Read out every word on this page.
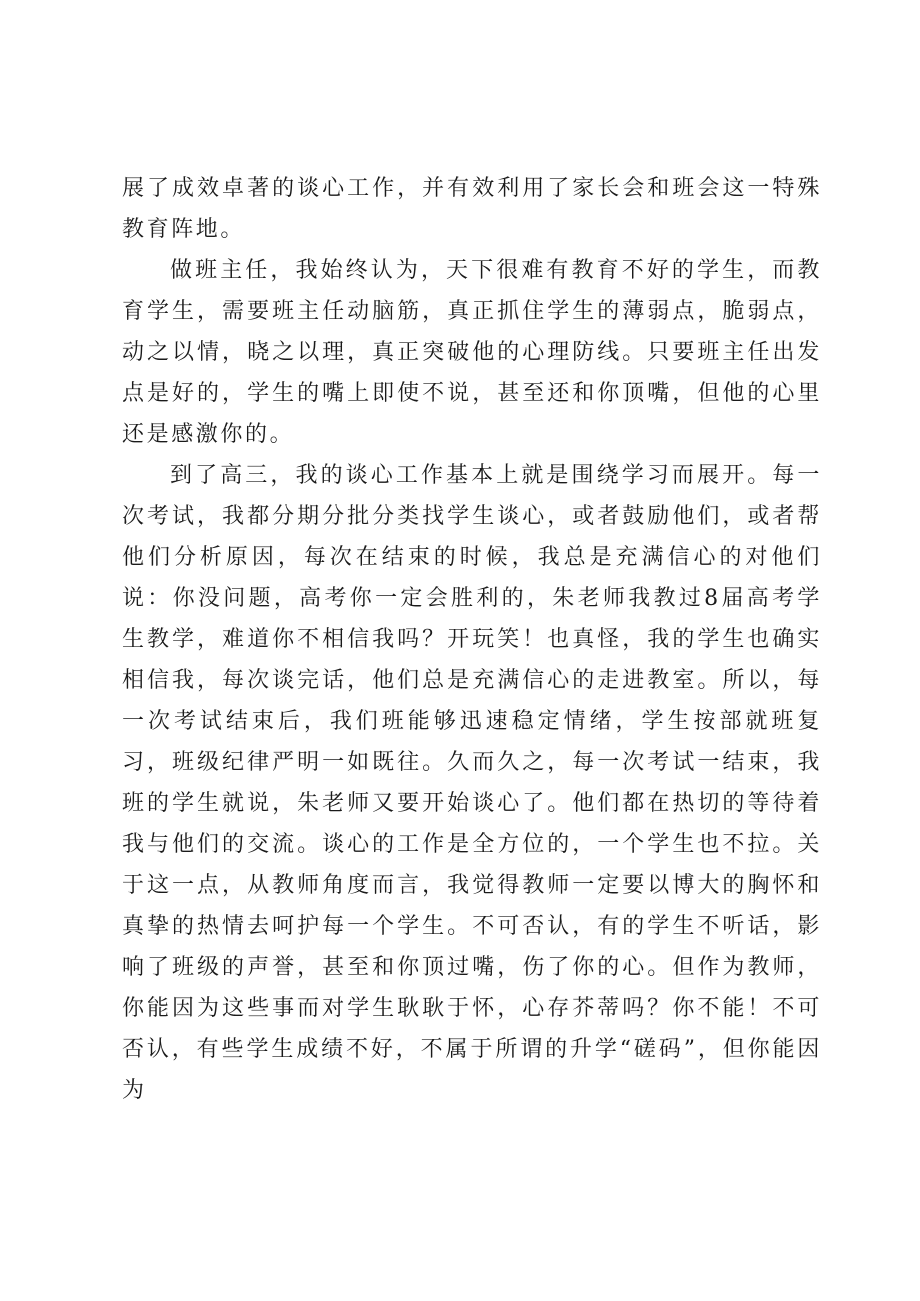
展了成效卓著的谈心工作，并有效利用了家长会和班会这一特殊教育阵地。

做班主任，我始终认为，天下很难有教育不好的学生，而教育学生，需要班主任动脑筋，真正抓住学生的薄弱点，脆弱点，动之以情，晓之以理，真正突破他的心理防线。只要班主任出发点是好的，学生的嘴上即使不说，甚至还和你顶嘴，但他的心里还是感激你的。

到了高三，我的谈心工作基本上就是围绕学习而展开。每一次考试，我都分期分批分类找学生谈心，或者鼓励他们，或者帮他们分析原因，每次在结束的时候，我总是充满信心的对他们说：你没问题，高考你一定会胜利的，朱老师我教过8届高考学生教学，难道你不相信我吗？开玩笑！也真怪，我的学生也确实相信我，每次谈完话，他们总是充满信心的走进教室。所以，每一次考试结束后，我们班能够迅速稳定情绪，学生按部就班复习，班级纪律严明一如既往。久而久之，每一次考试一结束，我班的学生就说，朱老师又要开始谈心了。他们都在热切的等待着我与他们的交流。谈心的工作是全方位的，一个学生也不拉。关于这一点，从教师角度而言，我觉得教师一定要以博大的胸怀和真挚的热情去呵护每一个学生。不可否认，有的学生不听话，影响了班级的声誉，甚至和你顶过嘴，伤了你的心。但作为教师，你能因为这些事而对学生耿耿于怀，心存芥蒂吗？你不能！不可否认，有些学生成绩不好，不属于所谓的升学“磋码”，但你能因为
